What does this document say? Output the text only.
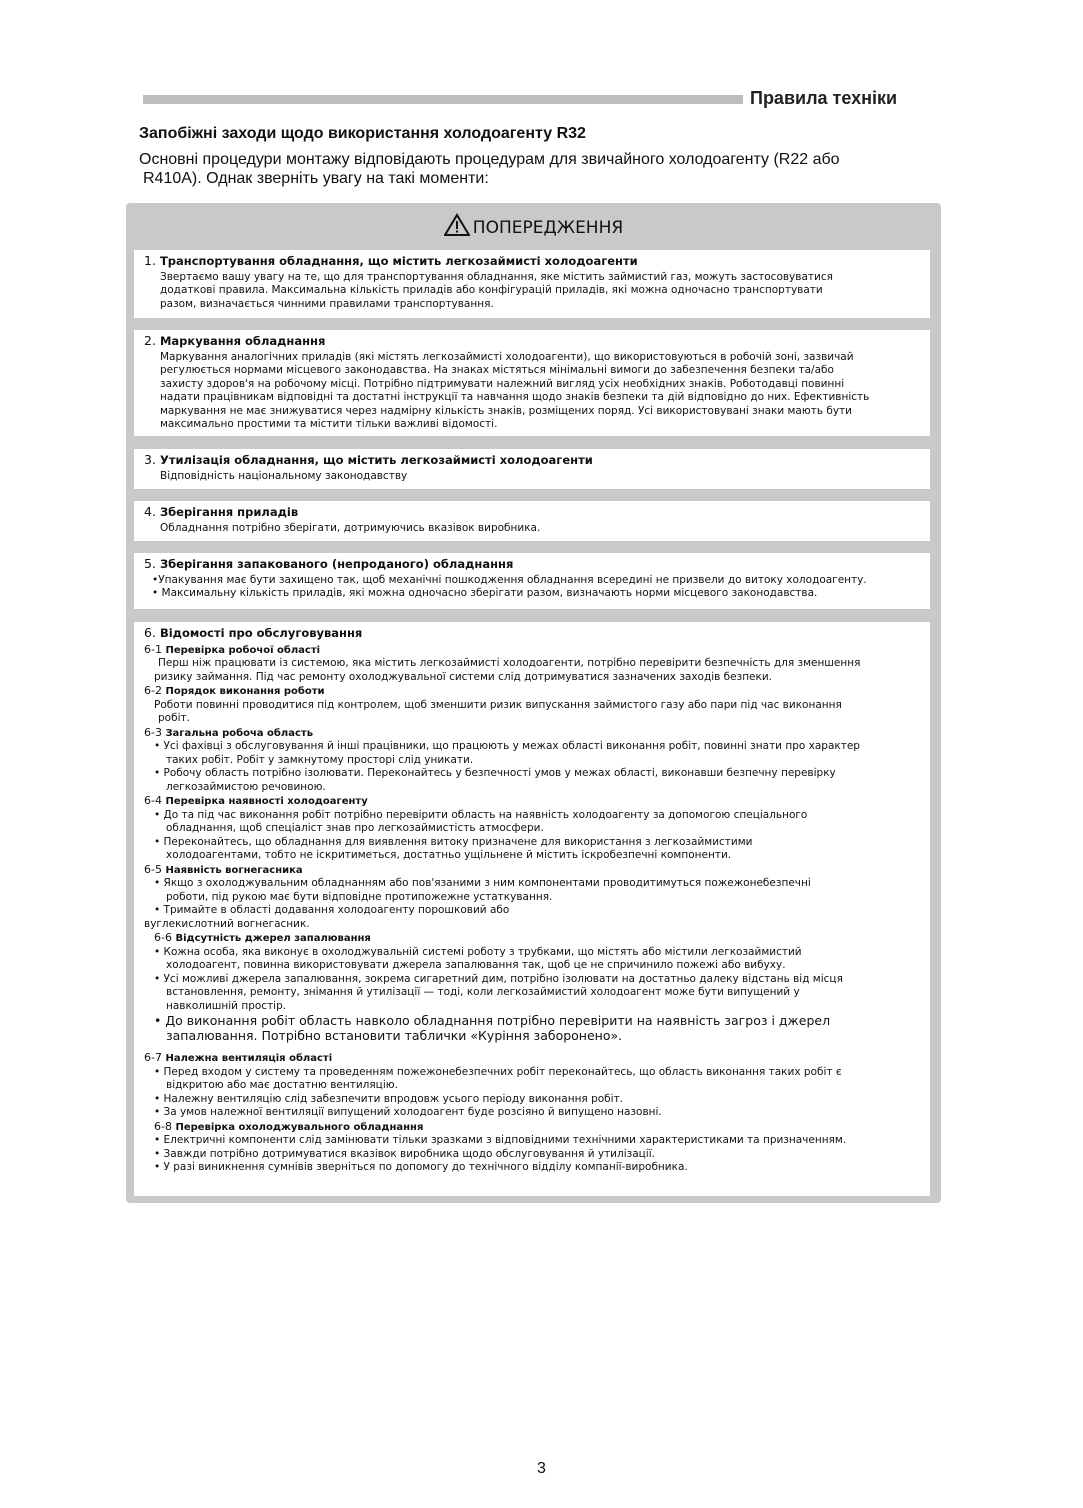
Правила техніки
Запобіжні заходи щодо використання холодоагенту R32
Основні процедури монтажу відповідають процедурам для звичайного холодоагенту (R22 або
R410A). Однак зверніть увагу на такі моменти:
ПОПЕРЕДЖЕННЯ
1. Транспортування обладнання, що містить легкозаймисті холодоагенти
Звертаємо вашу увагу на те, що для транспортування обладнання, яке містить займистий газ, можуть застосовуватися
додаткові правила. Максимальна кількість приладів або конфігурацій приладів, які можна одночасно транспортувати
разом, визначається чинними правилами транспортування.
2. Маркування обладнання
Маркування аналогічних приладів (які містять легкозаймисті холодоагенти), що використовуються в робочій зоні, зазвичай
регулюється нормами місцевого законодавства. На знаках містяться мінімальні вимоги до забезпечення безпеки та/або
захисту здоров'я на робочому місці. Потрібно підтримувати належний вигляд усіх необхідних знаків. Роботодавці повинні
надати працівникам відповідні та достатні інструкції та навчання щодо знаків безпеки та дій відповідно до них. Ефективність
маркування не має знижуватися через надмірну кількість знаків, розміщених поряд. Усі використовувані знаки мають бути
максимально простими та містити тільки важливі відомості.
3. Утилізація обладнання, що містить легкозаймисті холодоагенти
Відповідність національному законодавству
4. Зберігання приладів
Обладнання потрібно зберігати, дотримуючись вказівок виробника.
5. Зберігання запакованого (непроданого) обладнання
•Упакування має бути захищено так, щоб механічні пошкодження обладнання всередині не призвели до витоку холодоагенту.
• Максимальну кількість приладів, які можна одночасно зберігати разом, визначають норми місцевого законодавства.
6. Відомості про обслуговування
6-1 Перевірка робочої області
Перш ніж працювати із системою, яка містить легкозаймисті холодоагенти, потрібно перевірити безпечність для зменшення
ризику займання. Під час ремонту охолоджувальної системи слід дотримуватися зазначених заходів безпеки.
6-2 Порядок виконання роботи
Роботи повинні проводитися під контролем, щоб зменшити ризик випускання займистого газу або пари під час виконання
робіт.
6-3 Загальна робоча область
• Усі фахівці з обслуговування й інші працівники, що працюють у межах області виконання робіт, повинні знати про характер
таких робіт. Робіт у замкнутому просторі слід уникати.
• Робочу область потрібно ізолювати. Переконайтесь у безпечності умов у межах області, виконавши безпечну перевірку
легкозаймистою речовиною.
6-4 Перевірка наявності холодоагенту
• До та під час виконання робіт потрібно перевірити область на наявність холодоагенту за допомогою спеціального
обладнання, щоб спеціаліст знав про легкозаймистість атмосфери.
• Переконайтесь, що обладнання для виявлення витоку призначене для використання з легкозаймистими
холодоагентами, тобто не іскритиметься, достатньо ущільнене й містить іскробезпечні компоненти.
6-5 Наявність вогнегасника
• Якщо з охолоджувальним обладнанням або пов'язаними з ним компонентами проводитимуться пожежонебезпечні
роботи, під рукою має бути відповідне протипожежне устаткування.
• Тримайте в області додавання холодоагенту порошковий або
вуглекислотний вогнегасник.
6-6 Відсутність джерел запалювання
• Кожна особа, яка виконує в охолоджувальній системі роботу з трубками, що містять або містили легкозаймистий
холодоагент, повинна використовувати джерела запалювання так, щоб це не спричинило пожежі або вибуху.
• Усі можливі джерела запалювання, зокрема сигаретний дим, потрібно ізолювати на достатньо далеку відстань від місця
встановлення, ремонту, знімання й утилізації — тоді, коли легкозаймистий холодоагент може бути випущений у
навколишній простір.
• До виконання робіт область навколо обладнання потрібно перевірити на наявність загроз і джерел
запалювання. Потрібно встановити таблички «Куріння заборонено».
6-7 Належна вентиляція області
• Перед входом у систему та проведенням пожежонебезпечних робіт переконайтесь, що область виконання таких робіт є
відкритою або має достатню вентиляцію.
• Належну вентиляцію слід забезпечити впродовж усього періоду виконання робіт.
• За умов належної вентиляції випущений холодоагент буде розсіяно й випущено назовні.
6-8 Перевірка охолоджувального обладнання
• Електричні компоненти слід замінювати тільки зразками з відповідними технічними характеристиками та призначенням.
• Завжди потрібно дотримуватися вказівок виробника щодо обслуговування й утилізації.
• У разі виникнення сумнівів зверніться по допомогу до технічного відділу компанії-виробника.
3
